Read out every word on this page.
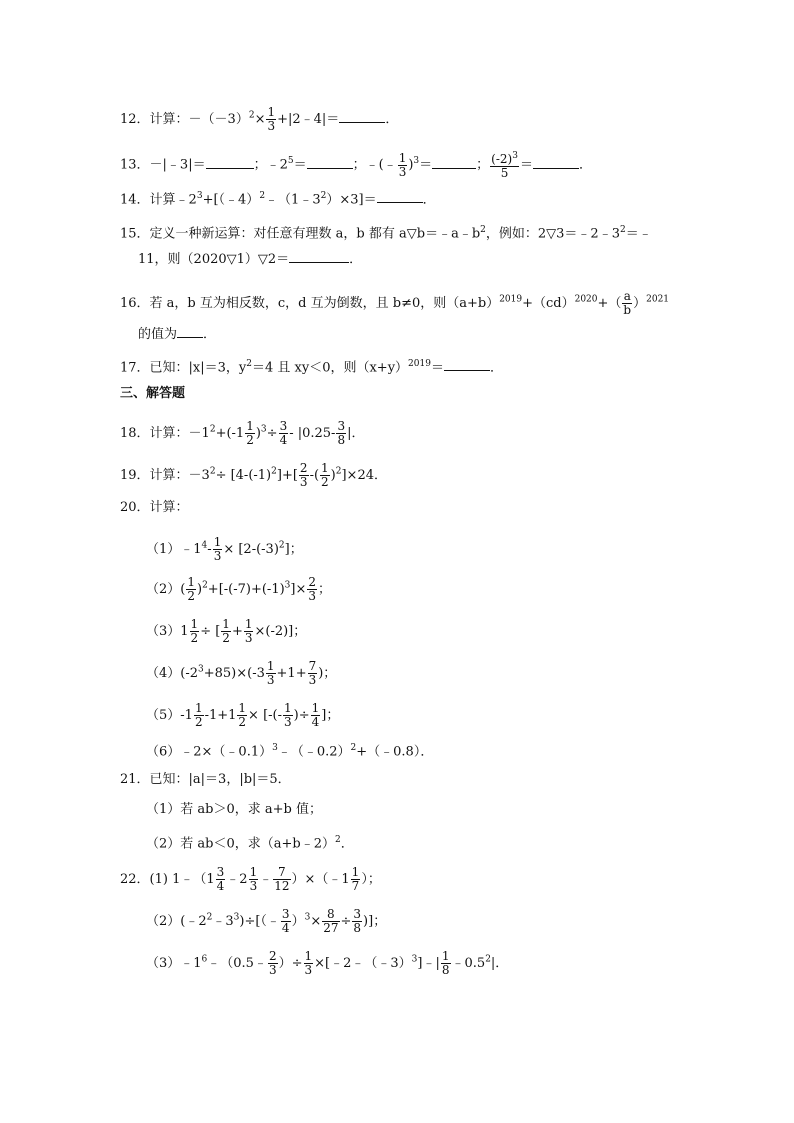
12．计算：$-(-3)^2\times \frac{1}{3}$ +|2﹣4|＝	．
13．－|﹣3|＝	；$﹣2^5=$	；﹣(﹣ $\frac{1}{3} )^3=$	； $\frac{(-2)^3}{5}$ ＝	．
14．计算$﹣2^3+[(﹣4)^2﹣(1﹣3^2)\times 3]=$	．
15．定义一种新运算：对任意有理数 a，b 都有 $a▽b=﹣a﹣b^2$，例如：$2▽3=﹣2﹣3^2=﹣$
11，则（2020▽1）▽2＝	．
16．若 a，b 互为相反数，c，d 互为倒数，且 b≠0，则$(a+b)^{2019}+(cd)^{2020}+( \frac{a}{b} )^{2021}$
的值为 ．
17．已知：|x|＝3，$y^2=4$ 且 xy＜0，则$(x+y)^{2019}=$	．
三、解答题
18．计算：$-1^2+(-1 \frac{1}{2} )^3\div \frac{3}{4} - |0.25- \frac{3}{8}$ |．
19．计算：$-3^2\div [4-(-1)^2]+[ \frac{2}{3}$ -( $\frac{1}{2} )^2]\times 24$．
20．计算：
$(1)﹣1^4- \frac{1}{3} \times [2-(-3)^2]$；
$(2)( \frac{1}{2} )^2+[-(-7)+(-1)^3]\times \frac{2}{3}$ ；
$(3)1 \frac{1}{2}$ ÷ [ $\frac{1}{2} + \frac{1}{3} \times(-2)$]；
$(4)(-2^3+85)\times(-3 \frac{1}{3} +1+ \frac{7}{3}$ )；
$(5)-1 \frac{1}{2} -1+1 \frac{1}{2}$ × [-(- $\frac{1}{3}$ )÷ $\frac{1}{4}$ ]；
（6）﹣2×（﹣0.1）$^3$﹣（﹣0.2）$^2$+（﹣0.8）．
21．已知：|a|＝3，|b|＝5．
（1）若 ab＞0，求 a+b 值；
（2）若 ab＜0，求（a+b﹣2）$^2$．
22．(1) 1﹣（1 $\frac{3}{4}$ ﹣2 $\frac{1}{3}$ ﹣ $\frac{7}{12}$ ）×（﹣1 $\frac{1}{7}$ ）；
$(2)(﹣2^2﹣3^3)\div[(﹣ \frac{3}{4} )^3\times \frac{8}{27} \div \frac{3}{8}$ )]；
$(3)﹣1^6﹣(0.5﹣ \frac{2}{3}$ ）÷ $\frac{1}{3}$ ×[﹣2﹣（﹣3）$^3$]﹣| $\frac{1}{8}$ $﹣0.5^2|$．
